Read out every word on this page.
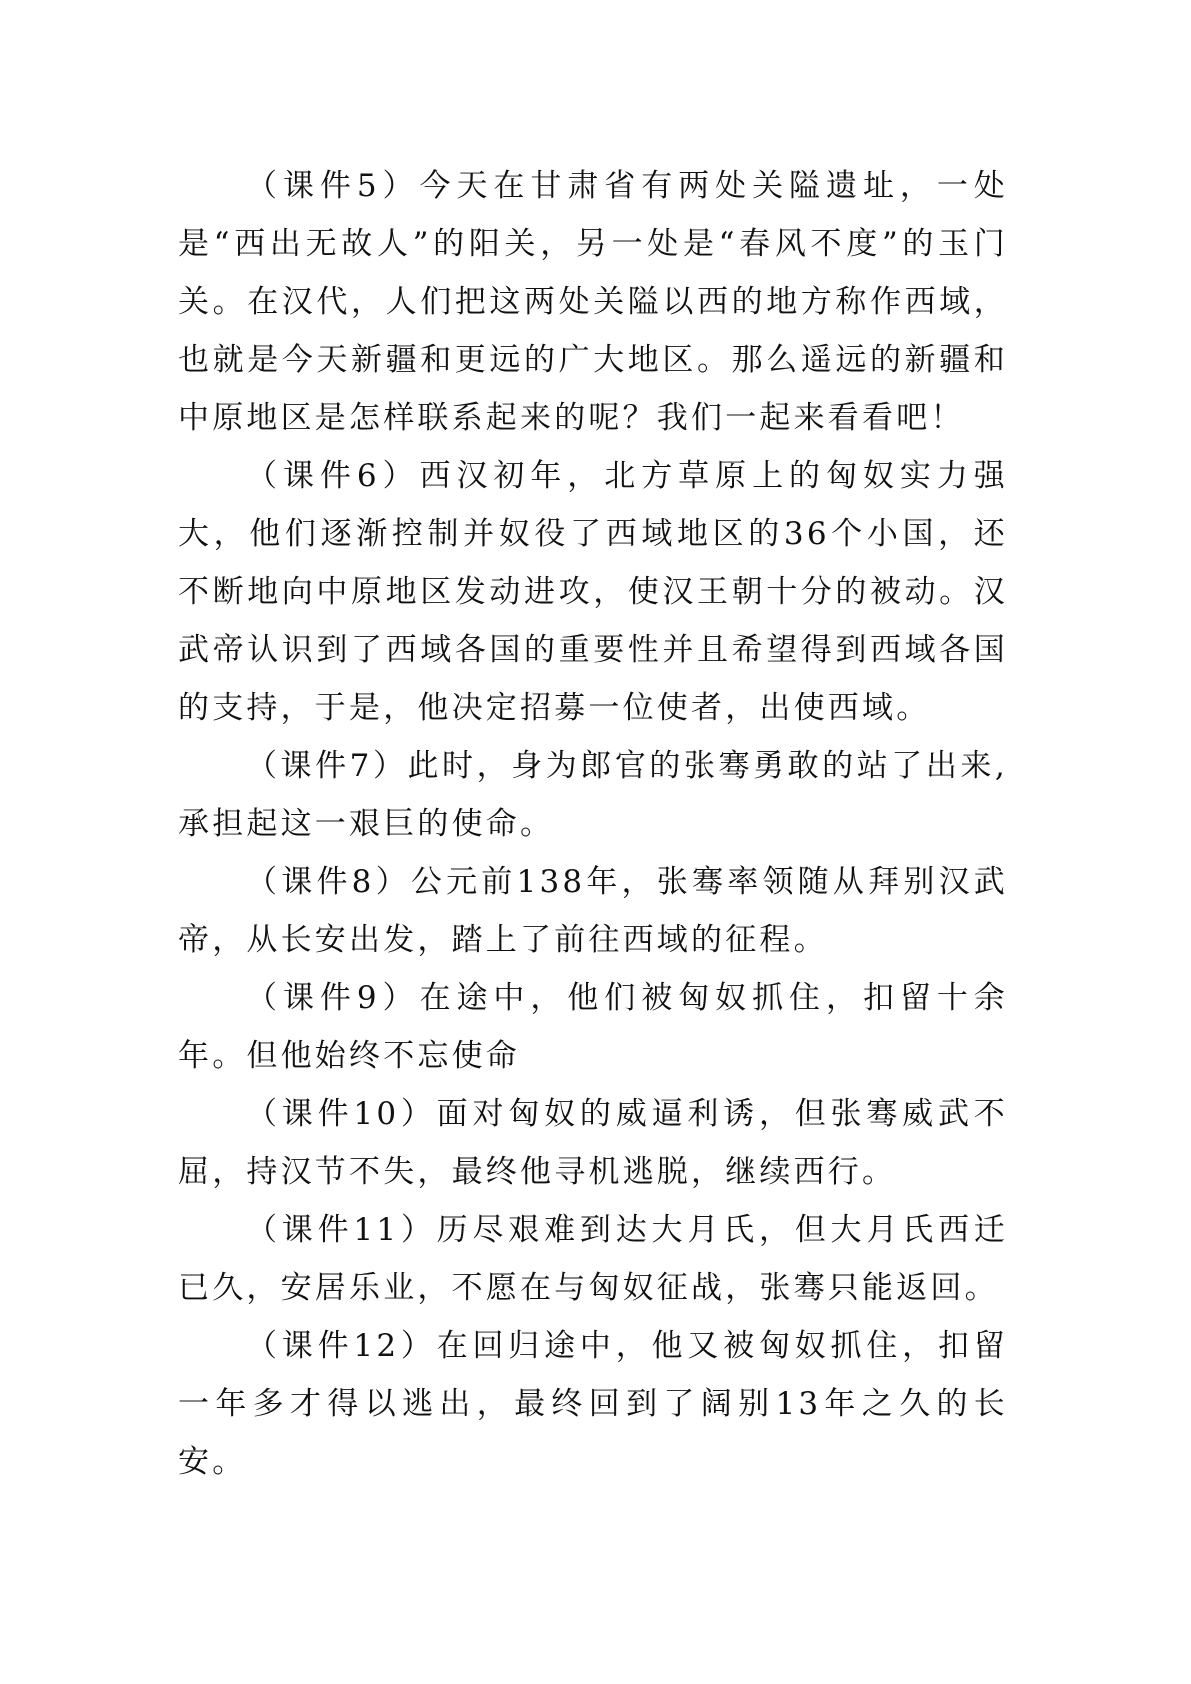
（课件5）今天在甘肃省有两处关隘遗址，一处是“西出无故人”的阳关，另一处是“春风不度”的玉门关。在汉代，人们把这两处关隘以西的地方称作西域，也就是今天新疆和更远的广大地区。那么遥远的新疆和中原地区是怎样联系起来的呢？我们一起来看看吧！

（课件6）西汉初年，北方草原上的匈奴实力强大，他们逐渐控制并奴役了西域地区的36个小国，还不断地向中原地区发动进攻，使汉王朝十分的被动。汉武帝认识到了西域各国的重要性并且希望得到西域各国的支持，于是，他决定招募一位使者，出使西域。

（课件7）此时，身为郎官的张骞勇敢的站了出来,承担起这一艰巨的使命。

（课件8）公元前138年，张骞率领随从拜别汉武帝，从长安出发，踏上了前往西域的征程。

（课件9）在途中，他们被匈奴抓住，扣留十余年。但他始终不忘使命

（课件10）面对匈奴的威逼利诱，但张骞威武不屈，持汉节不失，最终他寻机逃脱，继续西行。

（课件11）历尽艰难到达大月氏，但大月氏西迁已久，安居乐业，不愿在与匈奴征战，张骞只能返回。

（课件12）在回归途中，他又被匈奴抓住，扣留一年多才得以逃出，最终回到了阔别13年之久的长安。
